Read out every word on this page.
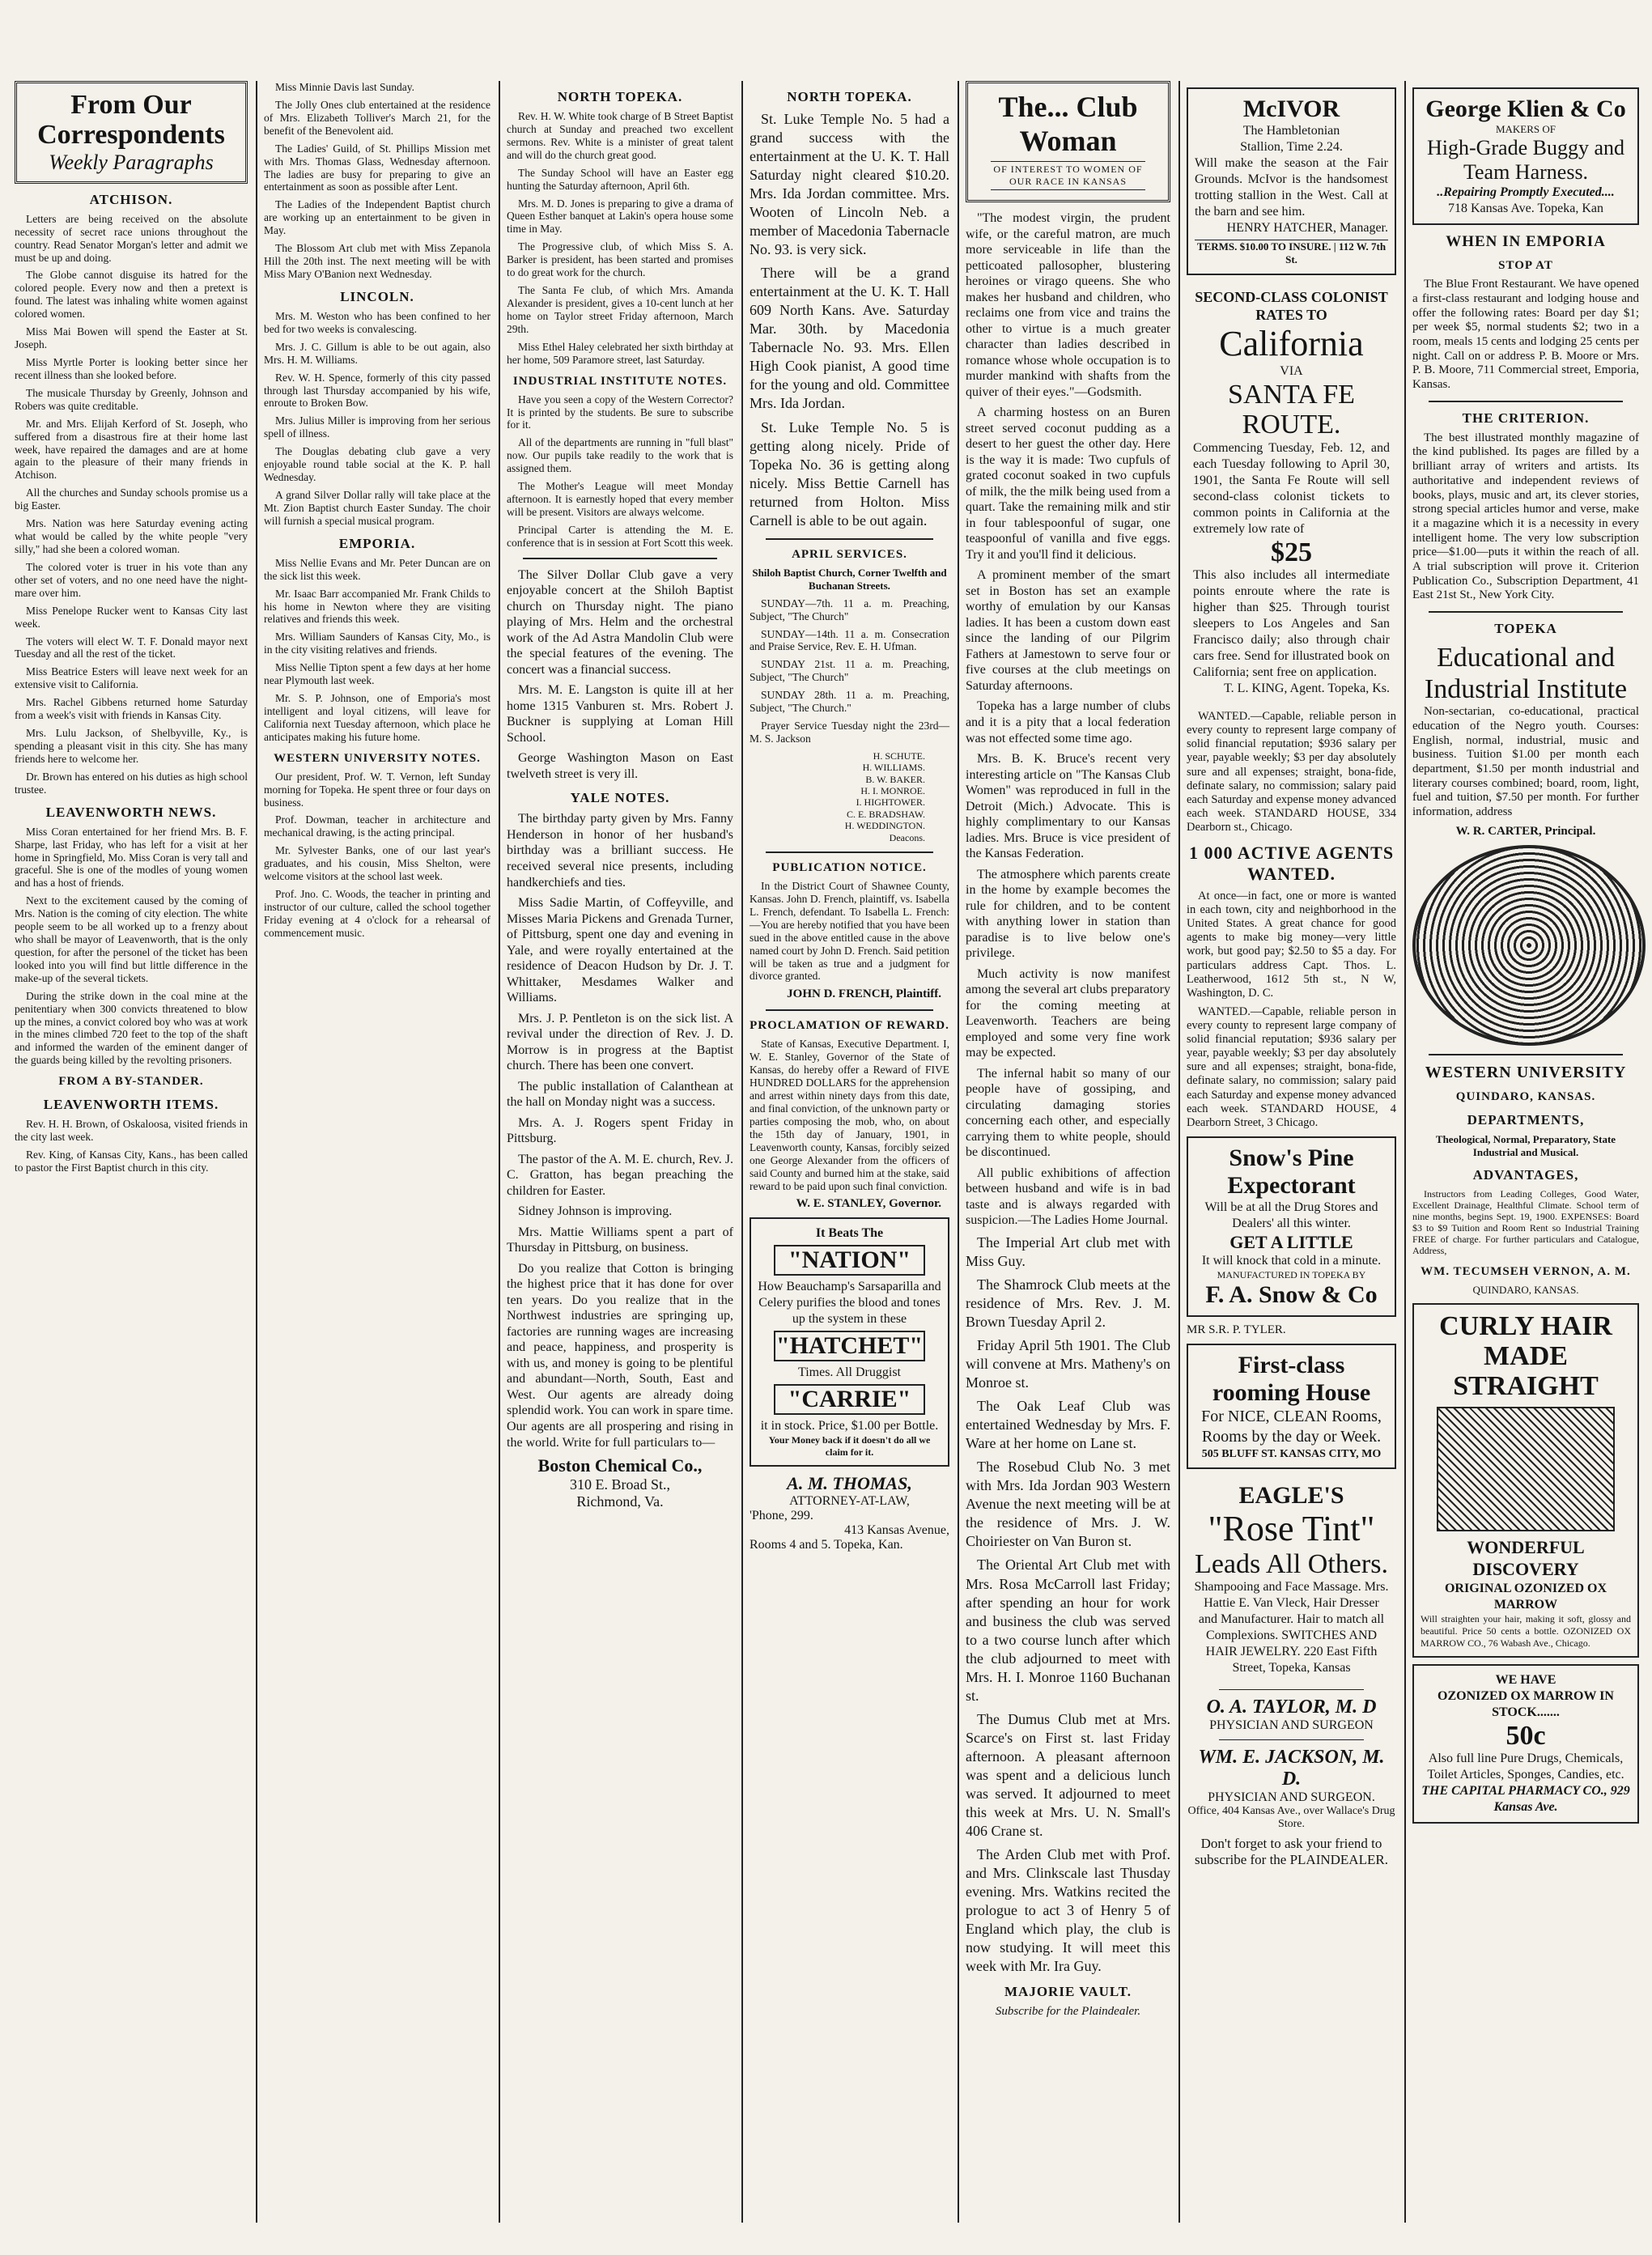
From Our Correspondents
Weekly Paragraphs
ATCHISON.

Letters are being received on the absolute necessity of secret race unions throughout the country. Read Senator Morgan's letter and admit we must be up and doing.

The Globe cannot disguise its hatred for the colored people. Every now and then a pretext is found. The latest was inhaling white women against colored women.

Miss Mai Bowen will spend the Easter at St. Joseph.

Miss Myrtle Porter is looking better since her recent illness than she looked before.

The musicale Thursday by Greenly, Johnson and Robers was quite creditable.

Mr. and Mrs. Elijah Kerford of St. Joseph, who suffered from a disastrous fire at their home last week, have repaired the damages and are at home again to the pleasure of their many friends in Atchison.

All the churches and Sunday schools promise us a big Easter.

Mrs. Nation was here Saturday evening acting what would be called by the white people "very silly," had she been a colored woman.

The colored voter is truer in his vote than any other set of voters, and no one need have the night-mare over him.

Miss Penelope Rucker went to Kansas City last week.

The voters will elect W. T. F. Donald mayor next Tuesday and all the rest of the ticket.

Miss Beatrice Esters will leave next week for an extensive visit to California.

Mrs. Rachel Gibbens returned home Saturday from a week's visit with friends in Kansas City.

Mrs. Lulu Jackson, of Shelbyville, Ky., is spending a pleasant visit in this city. She has many friends here to welcome her.

Dr. Brown has entered on his duties as high school trustee.

LEAVENWORTH NEWS.

Miss Coran entertained for her friend Mrs. B. F. Sharpe, last Friday, who has left for a visit at her home in Springfield, Mo. Miss Coran is very tall and graceful. She is one of the modles of young women and has a host of friends.

Next to the excitement caused by the coming of Mrs. Nation is the coming of city election. The white people seem to be all worked up to a frenzy about who shall be mayor of Leavenworth, that is the only question, for after the personel of the ticket has been looked into you will find but little difference in the make-up of the several tickets.

During the strike down in the coal mine at the penitentiary when 300 convicts threatened to blow up the mines, a convict colored boy who was at work in the mines climbed 720 feet to the top of the shaft and informed the warden of the eminent danger of the guards being killed by the revolting prisoners.

FROM A BY-STANDER.
LEAVENWORTH ITEMS.

Rev. H. H. Brown, of Oskaloosa, visited friends in the city last week.

Rev. King, of Kansas City, Kans., has been called to pastor the First Baptist church in this city.

Miss Minnie Davis last Sunday.

The Jolly Ones club entertained at the residence of Mrs. Elizabeth Tolliver's March 21, for the benefit of the Benevolent aid.

The Ladies' Guild, of St. Phillips Mission met with Mrs. Thomas Glass, Wednesday afternoon. The ladies are busy for preparing to give an entertainment as soon as possible after Lent.

The Ladies of the Independent Baptist church are working up an entertainment to be given in May.

The Blossom Art club met with Miss Zepanola Hill the 20th inst. The next meeting will be with Miss Mary O'Banion next Wednesday.

LINCOLN.

Mrs. M. Weston who has been confined to her bed for two weeks is convalescing.

Mrs. J. C. Gillum is able to be out again, also Mrs. H. M. Williams.

Rev. W. H. Spence, formerly of this city passed through last Thursday accompanied by his wife, enroute to Broken Bow.

Mrs. Julius Miller is improving from her serious spell of illness.

The Douglas debating club gave a very enjoyable round table social at the K. P. hall Wednesday.

A grand Silver Dollar rally will take place at the Mt. Zion Baptist church Easter Sunday. The choir will furnish a special musical program.

EMPORIA.

Miss Nellie Evans and Mr. Peter Duncan are on the sick list this week.

Mr. Isaac Barr accompanied Mr. Frank Childs to his home in Newton where they are visiting relatives and friends this week.

Mrs. William Saunders of Kansas City, Mo., is in the city visiting relatives and friends.

Miss Nellie Tipton spent a few days at her home near Plymouth last week.

Mr. S. P. Johnson, one of Emporia's most intelligent and loyal citizens, will leave for California next Tuesday afternoon, which place he anticipates making his future home.

WESTERN UNIVERSITY NOTES.

Our president, Prof. W. T. Vernon, left Sunday morning for Topeka. He spent three or four days on business.

Prof. Dowman, teacher in architecture and mechanical drawing, is the acting principal.

Mr. Sylvester Banks, one of our last year's graduates, and his cousin, Miss Shelton, were welcome visitors at the school last week.

Prof. Jno. C. Woods, the teacher in printing and instructor of our culture, called the school together Friday evening at 4 o'clock for a rehearsal of commencement music.

NORTH TOPEKA.

Rev. H. W. White took charge of B Street Baptist church at Sunday and preached two excellent sermons. Rev. White is a minister of great talent and will do the church great good.

The Sunday School will have an Easter egg hunting the Saturday afternoon, April 6th.

Mrs. M. D. Jones is preparing to give a drama of Queen Esther banquet at Lakin's opera house some time in May.

The Progressive club, of which Miss S. A. Barker is president, has been started and promises to do great work for the church.

The Santa Fe club, of which Mrs. Amanda Alexander is president, gives a 10-cent lunch at her home on Taylor street Friday afternoon, March 29th.

Miss Ethel Haley celebrated her sixth birthday at her home, 509 Paramore street, last Saturday.

INDUSTRIAL INSTITUTE NOTES.

Have you seen a copy of the Western Corrector? It is printed by the students. Be sure to subscribe for it.

All of the departments are running in "full blast" now. Our pupils take readily to the work that is assigned them.

The Mother's League will meet Monday afternoon. It is earnestly hoped that every member will be present. Visitors are always welcome.

Principal Carter is attending the M. E. conference that is in session at Fort Scott this week.

The Silver Dollar Club gave a very enjoyable concert at the Shiloh Baptist church on Thursday night. The piano playing of Mrs. Helm and the orchestral work of the Ad Astra Mandolin Club were the special features of the evening. The concert was a financial success.

Mrs. M. E. Langston is quite ill at her home 1315 Vanburen st. Mrs. Robert J. Buckner is supplying at Loman Hill School.

George Washington Mason on East twelveth street is very ill.

YALE NOTES.

The birthday party given by Mrs. Fanny Henderson in honor of her husband's birthday was a brilliant success. He received several nice presents, including handkerchiefs and ties.

Miss Sadie Martin, of Coffeyville, and Misses Maria Pickens and Grenada Turner, of Pittsburg, spent one day and evening in Yale, and were royally entertained at the residence of Deacon Hudson by Dr. J. T. Whittaker, Mesdames Walker and Williams.

Mrs. J. P. Pentleton is on the sick list. A revival under the direction of Rev. J. D. Morrow is in progress at the Baptist church. There has been one convert.

The public installation of Calanthean at the hall on Monday night was a success.

Mrs. A. J. Rogers spent Friday in Pittsburg.

The pastor of the A. M. E. church, Rev. J. C. Gratton, has began preaching the children for Easter.

Sidney Johnson is improving.

Mrs. Mattie Williams spent a part of Thursday in Pittsburg, on business.

Do you realize that Cotton is bringing the highest price that it has done for over ten years. Do you realize that in the Northwest industries are springing up, factories are running wages are increasing and peace, happiness, and prosperity is with us, and money is going to be plentiful and abundant—North, South, East and West. Our agents are already doing splendid work. You can work in spare time. Our agents are all prospering and rising in the world. Write for full particulars to—

Boston Chemical Co.,
310 E. Broad St.,
Richmond, Va.
NORTH TOPEKA.

St. Luke Temple No. 5 had a grand success with the entertainment at the U. K. T. Hall Saturday night cleared $10.20. Mrs. Ida Jordan committee. Mrs. Wooten of Lincoln Neb. a member of Macedonia Tabernacle No. 93. is very sick.

There will be a grand entertainment at the U. K. T. Hall 609 North Kans. Ave. Saturday Mar. 30th. by Macedonia Tabernacle No. 93. Mrs. Ellen High Cook pianist, A good time for the young and old. Committee Mrs. Ida Jordan.

St. Luke Temple No. 5 is getting along nicely. Pride of Topeka No. 36 is getting along nicely. Miss Bettie Carnell has returned from Holton. Miss Carnell is able to be out again.

APRIL SERVICES.
Shiloh Baptist Church, Corner Twelfth and Buchanan Streets.

SUNDAY—7th. 11 a. m. Preaching, Subject, "The Church"

SUNDAY—14th. 11 a. m. Consecration and Praise Service, Rev. E. H. Ufman.

SUNDAY 21st. 11 a. m. Preaching, Subject, "The Church"

SUNDAY 28th. 11 a. m. Preaching, Subject, "The Church."

Prayer Service Tuesday night the 23rd—M. S. Jackson

H. SCHUTE.
H. WILLIAMS.
B. W. BAKER.
H. I. MONROE.
I. HIGHTOWER.
C. E. BRADSHAW.
H. WEDDINGTON.
Deacons.
PUBLICATION NOTICE.

In the District Court of Shawnee County, Kansas. John D. French, plaintiff, vs. Isabella L. French, defendant. To Isabella L. French:—You are hereby notified that you have been sued in the above entitled cause in the above named court by John D. French. Said petition will be taken as true and a judgment for divorce granted.

JOHN D. FRENCH, Plaintiff.
PROCLAMATION OF REWARD.

State of Kansas, Executive Department. I, W. E. Stanley, Governor of the State of Kansas, do hereby offer a Reward of FIVE HUNDRED DOLLARS for the apprehension and arrest within ninety days from this date, and final conviction, of the unknown party or parties composing the mob, who, on about the 15th day of January, 1901, in Leavenworth county, Kansas, forcibly seized one George Alexander from the officers of said County and burned him at the stake, said reward to be paid upon such final conviction.

W. E. STANLEY, Governor.
It Beats The
"NATION"
How Beauchamp's Sarsaparilla and Celery purifies the blood and tones up the system in these
"HATCHET"
Times. All Druggist
"CARRIE"
it in stock. Price, $1.00 per Bottle.
Your Money back if it doesn't do all we claim for it.
A. M. THOMAS,
ATTORNEY-AT-LAW,
'Phone, 299.
413 Kansas Avenue,
Rooms 4 and 5. Topeka, Kan.
The... Club Woman
OF INTEREST TO WOMEN OF OUR RACE IN KANSAS

"The modest virgin, the prudent wife, or the careful matron, are much more serviceable in life than the petticoated pallosopher, blustering heroines or virago queens. She who makes her husband and children, who reclaims one from vice and trains the other to virtue is a much greater character than ladies described in romance whose whole occupation is to murder mankind with shafts from the quiver of their eyes."—Godsmith.

A charming hostess on an Buren street served coconut pudding as a desert to her guest the other day. Here is the way it is made: Two cupfuls of grated coconut soaked in two cupfuls of milk, the the milk being used from a quart. Take the remaining milk and stir in four tablespoonful of sugar, one teaspoonful of vanilla and five eggs. Try it and you'll find it delicious.

A prominent member of the smart set in Boston has set an example worthy of emulation by our Kansas ladies. It has been a custom down east since the landing of our Pilgrim Fathers at Jamestown to serve four or five courses at the club meetings on Saturday afternoons.

Topeka has a large number of clubs and it is a pity that a local federation was not effected some time ago.

Mrs. B. K. Bruce's recent very interesting article on "The Kansas Club Women" was reproduced in full in the Detroit (Mich.) Advocate. This is highly complimentary to our Kansas ladies. Mrs. Bruce is vice president of the Kansas Federation.

The atmosphere which parents create in the home by example becomes the rule for children, and to be content with anything lower in station than paradise is to live below one's privilege.

Much activity is now manifest among the several art clubs preparatory for the coming meeting at Leavenworth. Teachers are being employed and some very fine work may be expected.

The infernal habit so many of our people have of gossiping, and circulating damaging stories concerning each other, and especially carrying them to white people, should be discontinued.

All public exhibitions of affection between husband and wife is in bad taste and is always regarded with suspicion.—The Ladies Home Journal.

The Imperial Art club met with Miss Guy.

The Shamrock Club meets at the residence of Mrs. Rev. J. M. Brown Tuesday April 2.

Friday April 5th 1901. The Club will convene at Mrs. Matheny's on Monroe st.

The Oak Leaf Club was entertained Wednesday by Mrs. F. Ware at her home on Lane st.

The Rosebud Club No. 3 met with Mrs. Ida Jordan 903 Western Avenue the next meeting will be at the residence of Mrs. J. W. Choiriester on Van Buron st.

The Oriental Art Club met with Mrs. Rosa McCarroll last Friday; after spending an hour for work and business the club was served to a two course lunch after which the club adjourned to meet with Mrs. H. I. Monroe 1160 Buchanan st.

The Dumus Club met at Mrs. Scarce's on First st. last Friday afternoon. A pleasant afternoon was spent and a delicious lunch was served. It adjourned to meet this week at Mrs. U. N. Small's 406 Crane st.

The Arden Club met with Prof. and Mrs. Clinkscale last Thusday evening. Mrs. Watkins recited the prologue to act 3 of Henry 5 of England which play, the club is now studying. It will meet this week with Mr. Ira Guy.

MAJORIE VAULT.
Subscribe for the Plaindealer.
McIVOR
The Hambletonian
Stallion, Time 2.24.
Will make the season at the Fair Grounds. McIvor is the handsomest trotting stallion in the West. Call at the barn and see him.
HENRY HATCHER, Manager.
TERMS. $10.00 TO INSURE. | 112 W. 7th St.
SECOND-CLASS COLONIST RATES TO
California
VIA
SANTA FE ROUTE.
Commencing Tuesday, Feb. 12, and each Tuesday following to April 30, 1901, the Santa Fe Route will sell second-class colonist tickets to common points in California at the extremely low rate of
$25
This also includes all intermediate points enroute where the rate is higher than $25. Through tourist sleepers to Los Angeles and San Francisco daily; also through chair cars free. Send for illustrated book on California; sent free on application.
T. L. KING, Agent. Topeka, Ks.

WANTED.—Capable, reliable person in every county to represent large company of solid financial reputation; $936 salary per year, payable weekly; $3 per day absolutely sure and all expenses; straight, bona-fide, definate salary, no commission; salary paid each Saturday and expense money advanced each week. STANDARD HOUSE, 334 Dearborn st., Chicago.

1 000 ACTIVE AGENTS WANTED.

At once—in fact, one or more is wanted in each town, city and neighborhood in the United States. A great chance for good agents to make big money—very little work, but good pay; $2.50 to $5 a day. For particulars address Capt. Thos. L. Leatherwood, 1612 5th st., N W, Washington, D. C.

WANTED.—Capable, reliable person in every county to represent large company of solid financial reputation; $936 salary per year, payable weekly; $3 per day absolutely sure and all expenses; straight, bona-fide, definate salary, no commission; salary paid each Saturday and expense money advanced each week. STANDARD HOUSE, 4 Dearborn Street, 3 Chicago.

Snow's Pine Expectorant
Will be at all the Drug Stores and Dealers' all this winter.
GET A LITTLE
It will knock that cold in a minute.
MANUFACTURED IN TOPEKA BY
F. A. Snow & Co
MR S.R. P. TYLER.
First-class rooming House
For NICE, CLEAN Rooms, Rooms by the day or Week.
505 BLUFF ST. KANSAS CITY, MO
EAGLE'S
"Rose Tint"
Leads All Others.
Shampooing and Face Massage. Mrs. Hattie E. Van Vleck, Hair Dresser and Manufacturer. Hair to match all Complexions. SWITCHES AND HAIR JEWELRY. 220 East Fifth Street, Topeka, Kansas
O. A. TAYLOR, M. D
PHYSICIAN AND SURGEON
WM. E. JACKSON, M. D.
PHYSICIAN AND SURGEON.
Office, 404 Kansas Ave., over Wallace's Drug Store.
Don't forget to ask your friend to subscribe for the PLAINDEALER.
George Klien & Co
MAKERS OF
High-Grade Buggy and Team Harness.
..Repairing Promptly Executed....
718 Kansas Ave. Topeka, Kan
WHEN IN EMPORIA
STOP AT

The Blue Front Restaurant. We have opened a first-class restaurant and lodging house and offer the following rates: Board per day $1; per week $5, normal students $2; two in a room, meals 15 cents and lodging 25 cents per night. Call on or address P. B. Moore or Mrs. P. B. Moore, 711 Commercial street, Emporia, Kansas.

THE CRITERION.

The best illustrated monthly magazine of the kind published. Its pages are filled by a brilliant array of writers and artists. Its authoritative and independent reviews of books, plays, music and art, its clever stories, strong special articles humor and verse, make it a magazine which it is a necessity in every intelligent home. The very low subscription price—$1.00—puts it within the reach of all. A trial subscription will prove it. Criterion Publication Co., Subscription Department, 41 East 21st St., New York City.

TOPEKA
Educational and Industrial Institute

Non-sectarian, co-educational, practical education of the Negro youth. Courses: English, normal, industrial, music and business. Tuition $1.00 per month each department, $1.50 per month industrial and literary courses combined; board, room, light, fuel and tuition, $7.50 per month. For further information, address

W. R. CARTER, Principal.
WESTERN UNIVERSITY
QUINDARO, KANSAS.
DEPARTMENTS,
Theological, Normal, Preparatory, State Industrial and Musical.
ADVANTAGES,

Instructors from Leading Colleges, Good Water, Excellent Drainage, Healthful Climate. School term of nine months, begins Sept. 19, 1900. EXPENSES: Board $3 to $9 Tuition and Room Rent so Industrial Training FREE of charge. For further particulars and Catalogue, Address,

WM. TECUMSEH VERNON, A. M.
QUINDARO, KANSAS.
CURLY HAIR MADE STRAIGHT
WONDERFUL DISCOVERY
ORIGINAL OZONIZED OX MARROW
Will straighten your hair, making it soft, glossy and beautiful. Price 50 cents a bottle. OZONIZED OX MARROW CO., 76 Wabash Ave., Chicago.
WE HAVE
OZONIZED OX MARROW IN STOCK.......
50c
Also full line Pure Drugs, Chemicals, Toilet Articles, Sponges, Candies, etc.
THE CAPITAL PHARMACY CO., 929 Kansas Ave.
